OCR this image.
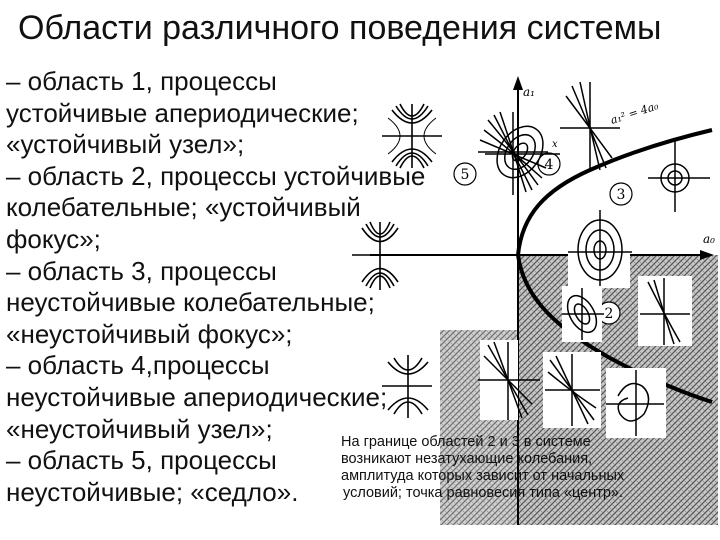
Области различного поведения системы
a₁
a₀
a₁² = 4a₀
2
3
4
5
x
– область 1, процессы
устойчивые апериодические;
«устойчивый узел»;
– область 2, процессы устойчивые
колебательные; «устойчивый
фокус»;
– область 3, процессы
неустойчивые колебательные;
«неустойчивый фокус»;
– область 4,процессы
неустойчивые апериодические;
«неустойчивый узел»;
– область 5, процессы
неустойчивые; «седло».
На границе областей 2 и 3 в системе
возникают незатухающие колебания,
амплитуда которых зависит от начальных
условий; точка равновесия типа «центр».
